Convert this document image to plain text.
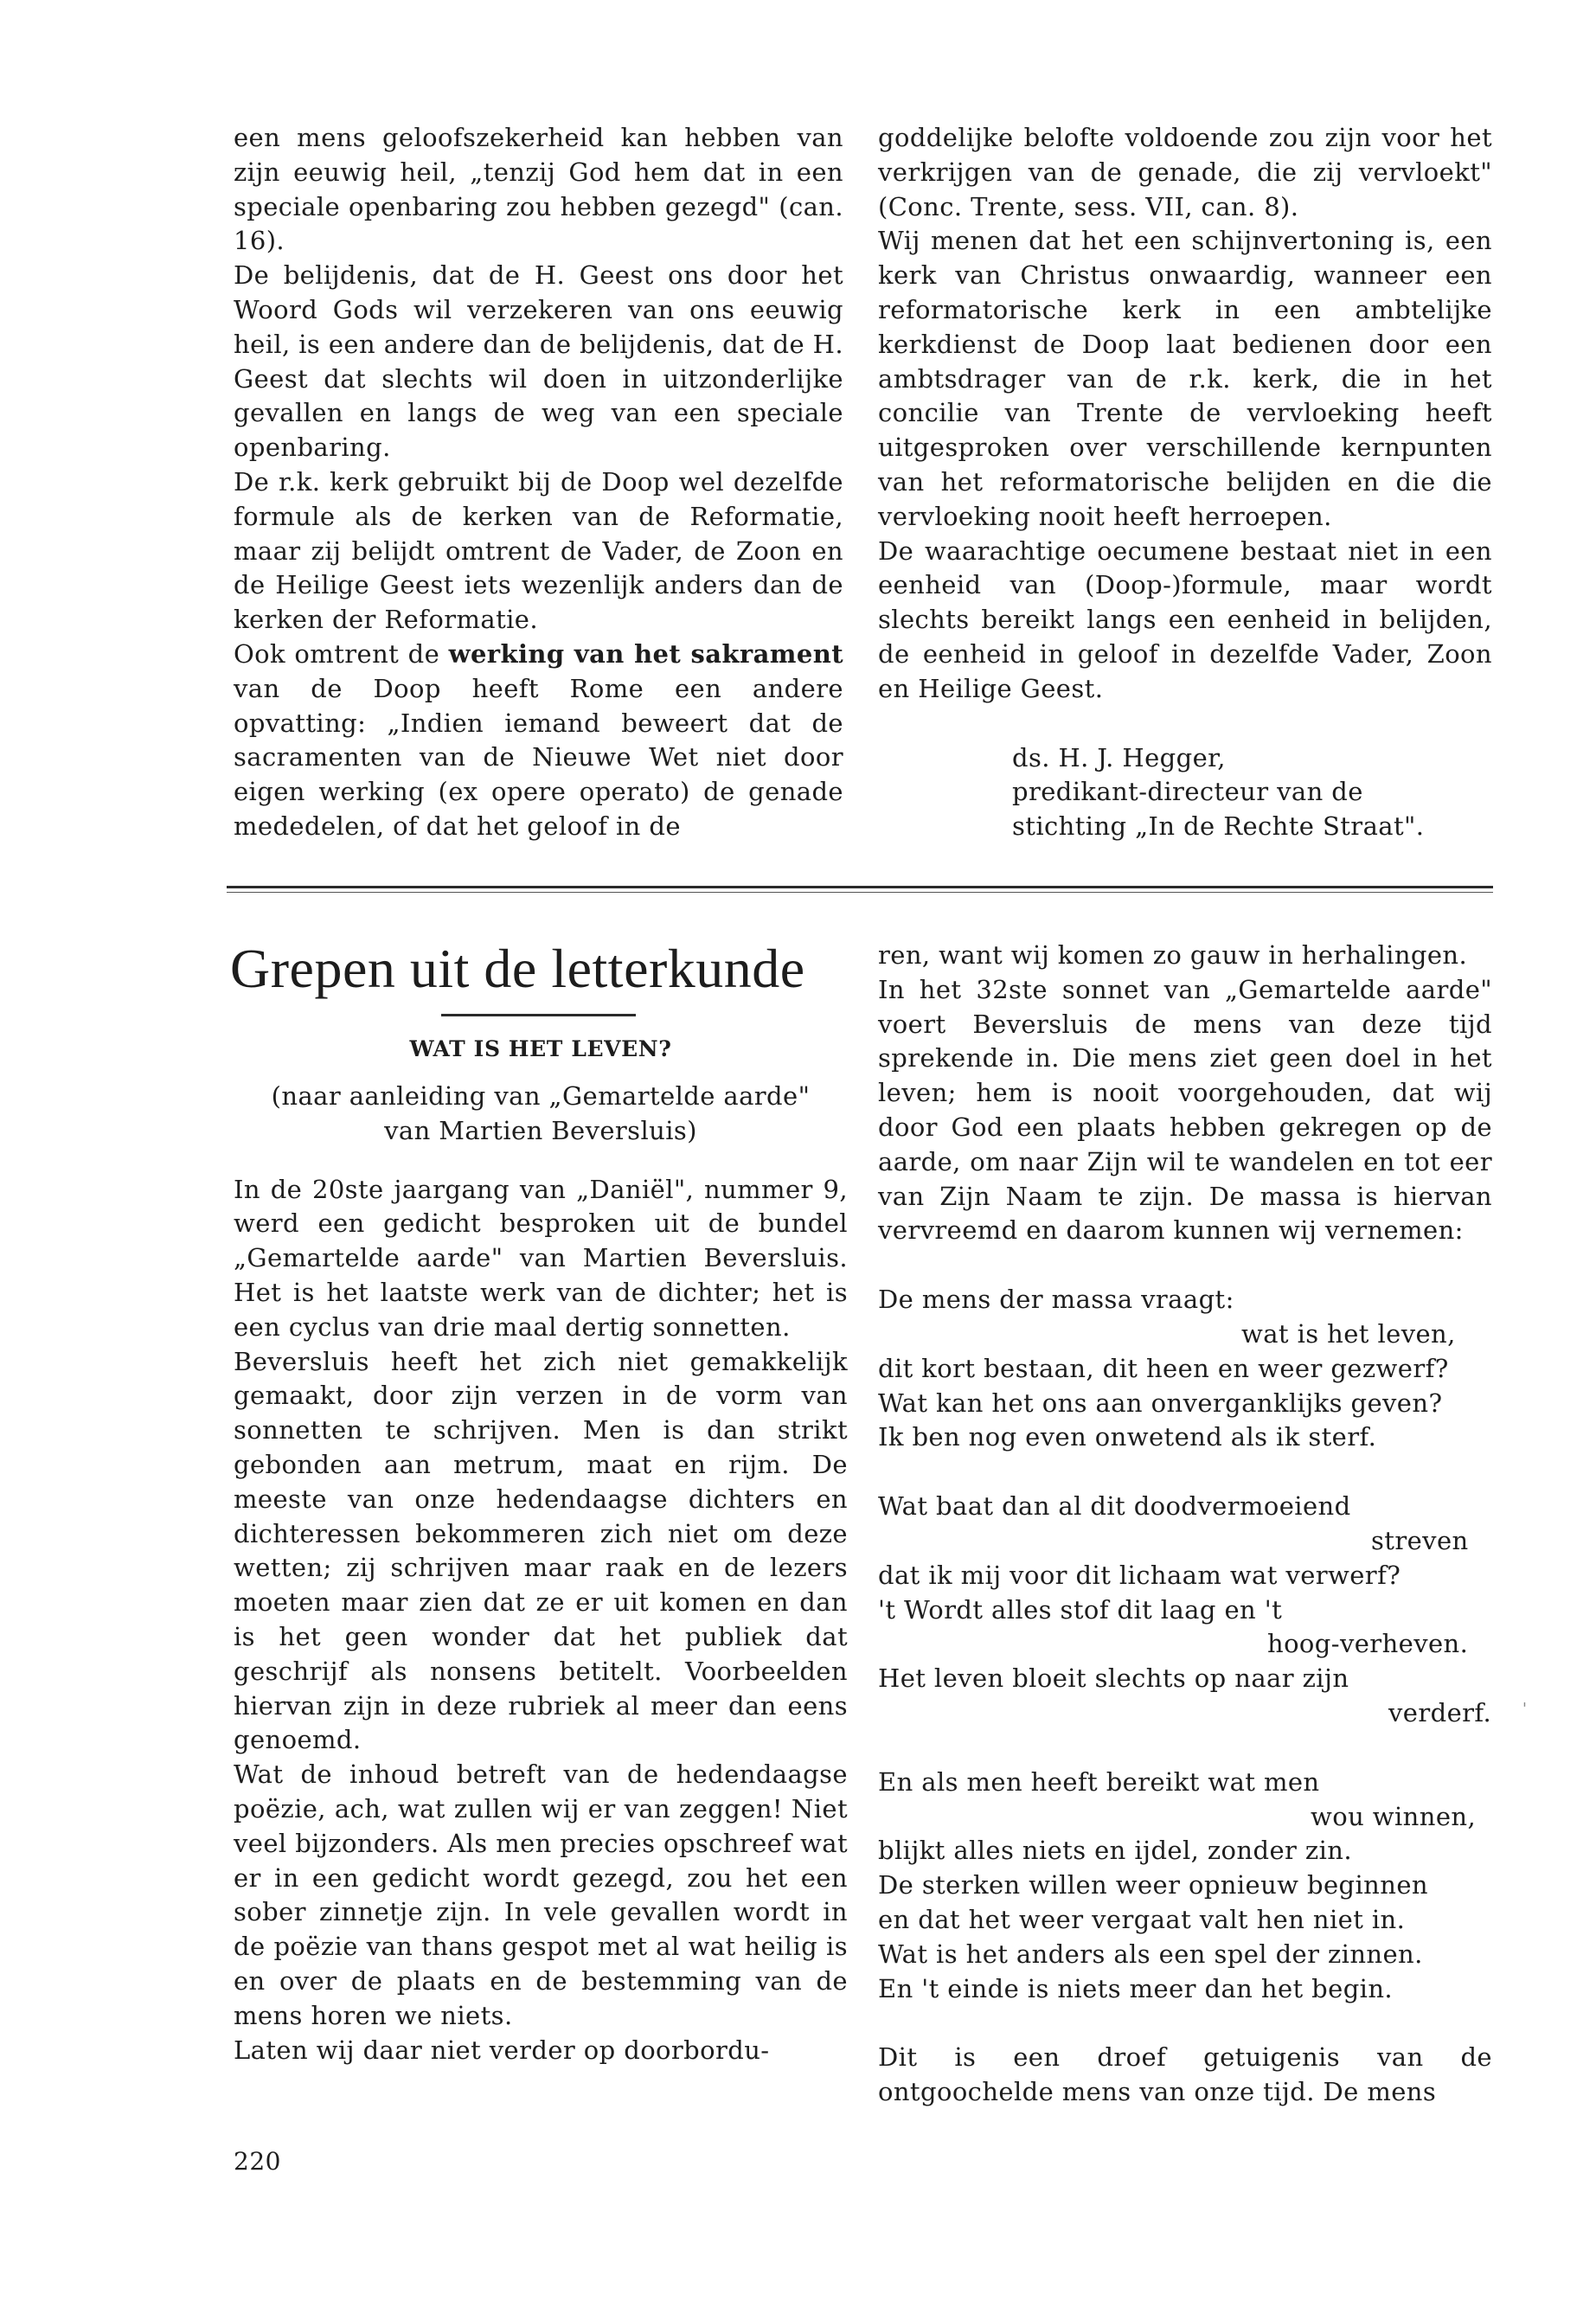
een mens geloofszekerheid kan hebben van zijn eeuwig heil, „tenzij God hem dat in een speciale openbaring zou hebben gezegd" (can. 16).

De belijdenis, dat de H. Geest ons door het Woord Gods wil verzekeren van ons eeuwig heil, is een andere dan de belijdenis, dat de H. Geest dat slechts wil doen in uitzonderlijke gevallen en langs de weg van een speciale openbaring.

De r.k. kerk gebruikt bij de Doop wel dezelfde formule als de kerken van de Reformatie, maar zij belijdt omtrent de Vader, de Zoon en de Heilige Geest iets wezenlijk anders dan de kerken der Reformatie.

Ook omtrent de werking van het sakrament van de Doop heeft Rome een andere opvatting: „Indien iemand beweert dat de sacramenten van de Nieuwe Wet niet door eigen werking (ex opere operato) de genade mededelen, of dat het geloof in de

goddelijke belofte voldoende zou zijn voor het verkrijgen van de genade, die zij vervloekt" (Conc. Trente, sess. VII, can. 8).

Wij menen dat het een schijnvertoning is, een kerk van Christus onwaardig, wanneer een reformatorische kerk in een ambtelijke kerkdienst de Doop laat bedienen door een ambtsdrager van de r.k. kerk, die in het concilie van Trente de vervloeking heeft uitgesproken over verschillende kernpunten van het reformatorische belijden en die die vervloeking nooit heeft herroepen.

De waarachtige oecumene bestaat niet in een eenheid van (Doop-)formule, maar wordt slechts bereikt langs een eenheid in belijden, de eenheid in geloof in dezelfde Vader, Zoon en Heilige Geest.

ds. H. J. Hegger,
predikant-directeur van de
stichting „In de Rechte Straat".

Grepen uit de letterkunde

WAT IS HET LEVEN?

(naar aanleiding van „Gemartelde aarde"
van Martien Beversluis)

In de 20ste jaargang van „Daniël", nummer 9, werd een gedicht besproken uit de bundel „Gemartelde aarde" van Martien Beversluis. Het is het laatste werk van de dichter; het is een cyclus van drie maal dertig sonnetten.

Beversluis heeft het zich niet gemakkelijk gemaakt, door zijn verzen in de vorm van sonnetten te schrijven. Men is dan strikt gebonden aan metrum, maat en rijm. De meeste van onze hedendaagse dichters en dichteressen bekommeren zich niet om deze wetten; zij schrijven maar raak en de lezers moeten maar zien dat ze er uit komen en dan is het geen wonder dat het publiek dat geschrijf als nonsens betitelt. Voorbeelden hiervan zijn in deze rubriek al meer dan eens genoemd.

Wat de inhoud betreft van de hedendaagse poëzie, ach, wat zullen wij er van zeggen! Niet veel bijzonders. Als men precies opschreef wat er in een gedicht wordt gezegd, zou het een sober zinnetje zijn. In vele gevallen wordt in de poëzie van thans gespot met al wat heilig is en over de plaats en de bestemming van de mens horen we niets.

Laten wij daar niet verder op doorbordu-

ren, want wij komen zo gauw in herhalingen.

In het 32ste sonnet van „Gemartelde aarde" voert Beversluis de mens van deze tijd sprekende in. Die mens ziet geen doel in het leven; hem is nooit voorgehouden, dat wij door God een plaats hebben gekregen op de aarde, om naar Zijn wil te wandelen en tot eer van Zijn Naam te zijn. De massa is hiervan vervreemd en daarom kunnen wij vernemen:

De mens der massa vraagt:
wat is het leven,
dit kort bestaan, dit heen en weer gezwerf?
Wat kan het ons aan onverganklijks geven?
Ik ben nog even onwetend als ik sterf.
Wat baat dan al dit doodvermoeiend
streven
dat ik mij voor dit lichaam wat verwerf?
't Wordt alles stof dit laag en 't
hoog-verheven.
Het leven bloeit slechts op naar zijn
verderf.
En als men heeft bereikt wat men
wou winnen,
blijkt alles niets en ijdel, zonder zin.
De sterken willen weer opnieuw beginnen
en dat het weer vergaat valt hen niet in.
Wat is het anders als een spel der zinnen.
En 't einde is niets meer dan het begin.

Dit is een droef getuigenis van de ontgoochelde mens van onze tijd. De mens

220
'
